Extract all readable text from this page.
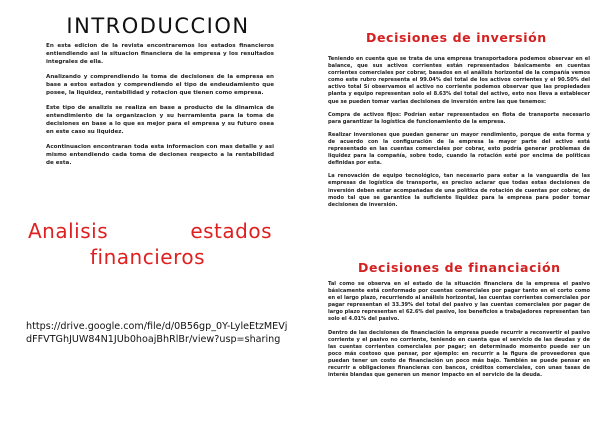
INTRODUCCION

En esta edicion de la revista encontraremos los estados financieros entiendiendo asi la situacion financiera de la empresa y los resultados integrales de ella.

Analizando y comprendiendo la toma de decisiones de la empresa en base a estos estados y comprendiendo el tipo de endeudamiento que posee, la liquidez, rentabilidad y rotacion que tienen como empresa.

Este tipo de analizis se realiza en base a producto de la dinamica de entendimiento de la organizacion y su herramienta para la toma de decisiones en base a lo que es mejor para el empresa y su futuro osea en este caso su liquidez.

Acontinuacion encontraran toda esta informacion con mas detalle y asi mismo entendiendo cada toma de deciones respecto a la rentabilidad de esta.

Analisis	estados
financieros
https://drive.google.com/file/d/0B56gp_0Y-LyleEtzMEVjdFFVTGhJUW84N1JUb0hoajBhRlBr/view?usp=sharing
Decisiones de inversión

Teniendo en cuenta que se trata de una empresa transportadora podemos observar en el balance, que sus activos corrientes están representados básicamente en cuentas corrientes comerciales por cobrar, basados en el análisis horizontal de la compañía vemos como este rubro representa el 99.04% del total de los activos corrientes y el 90.50% del activo total Sí observamos el activo no corriente podemos observar que las propiedades planta y equipo representan solo el 8.63% del total del activo, esto nos lleva a establecer que se pueden tomar varias decisiones de inversión entre las que tenemos:

Compra de activos fijos: Podrían estar representados en flota de transporte necesario para garantizar la logística de funcionamiento de la empresa.

Realizar inversiones que puedan generar un mayor rendimiento, porque de esta forma y de acuerdo con la configuración de la empresa la mayor parte del activo está representado en las cuentas comerciales por cobrar, esto podría generar problemas de liquidez para la compañía, sobre todo, cuando la rotación esté por encima de políticas definidas por esta.

La renovación de equipo tecnológico, tan necesario para estar a la vanguardia de las empresas de logística de transporte, es preciso aclarar que todas estas decisiones de inversión deben estar acompañadas de una política de rotación de cuentas por cobrar, de modo tal que se garantice la suficiente liquidez para la empresa para poder tomar decisiones de inversión.

Decisiones de financiación

Tal como se observa en el estado de la situación financiera de la empresa el pasivo básicamente está conformado por cuentas comerciales por pagar tanto en el corto como en el largo plazo, recurriendo al análisis horizontal, las cuentas corrientes comerciales por pagar representan el 33.39% del total del pasivo y las cuentas comerciales por pagar de largo plazo representan el 62.6% del pasivo, los beneficios a trabajadores representan tan solo el 4.01% del pasivo.

Dentro de las decisiones de financiación la empresa puede recurrir a reconvertir el pasivo corriente y el pasivo no corriente, teniendo en cuenta que el servicio de las deudas y de las cuentas corrientes comerciales por pagar; en determinado momento puede ser un poco más costoso que pensar, por ejemplo: en recurrir a la figura de proveedores que puedan tener un costo de financiación un poco más bajo. También se puede pensar en recurrir a obligaciones financieras con bancos, créditos comerciales, con unas tasas de interés blandas que generen un menor impacto en el servicio de la deuda.
